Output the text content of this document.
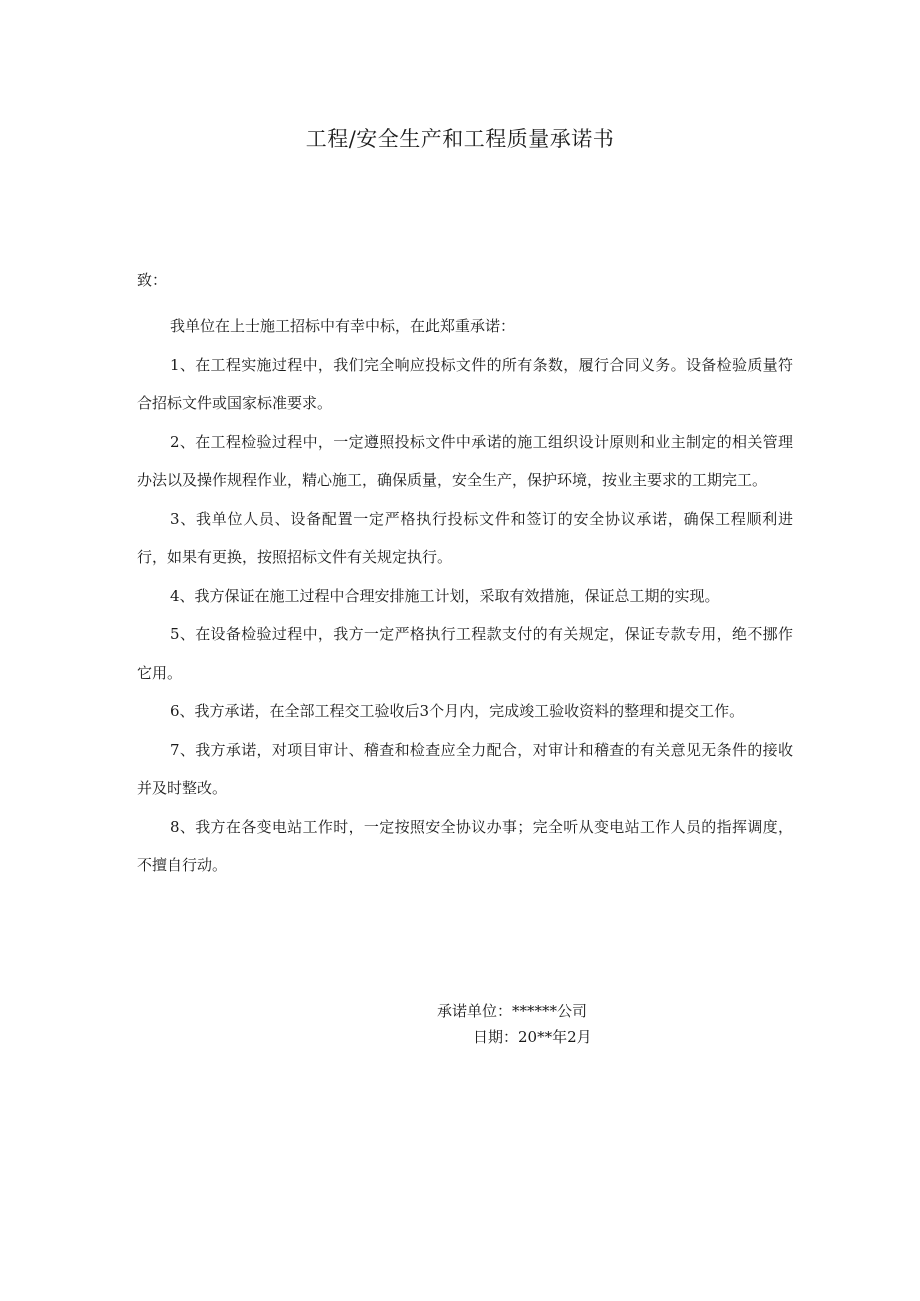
工程/安全生产和工程质量承诺书

致：

我单位在上士施工招标中有幸中标，在此郑重承诺：

1、在工程实施过程中，我们完全响应投标文件的所有条数，履行合同义务。设备检验质量符合招标文件或国家标准要求。

2、在工程检验过程中，一定遵照投标文件中承诺的施工组织设计原则和业主制定的相关管理办法以及操作规程作业，精心施工，确保质量，安全生产，保护环境，按业主要求的工期完工。

3、我单位人员、设备配置一定严格执行投标文件和签订的安全协议承诺，确保工程顺利进行，如果有更换，按照招标文件有关规定执行。

4、我方保证在施工过程中合理安排施工计划，采取有效措施，保证总工期的实现。

5、在设备检验过程中，我方一定严格执行工程款支付的有关规定，保证专款专用，绝不挪作它用。

6、我方承诺，在全部工程交工验收后3个月内，完成竣工验收资料的整理和提交工作。

7、我方承诺，对项目审计、稽查和检查应全力配合，对审计和稽查的有关意见无条件的接收并及时整改。

8、我方在各变电站工作时，一定按照安全协议办事；完全听从变电站工作人员的指挥调度，不擅自行动。

承诺单位：******公司
日期：20**年2月
